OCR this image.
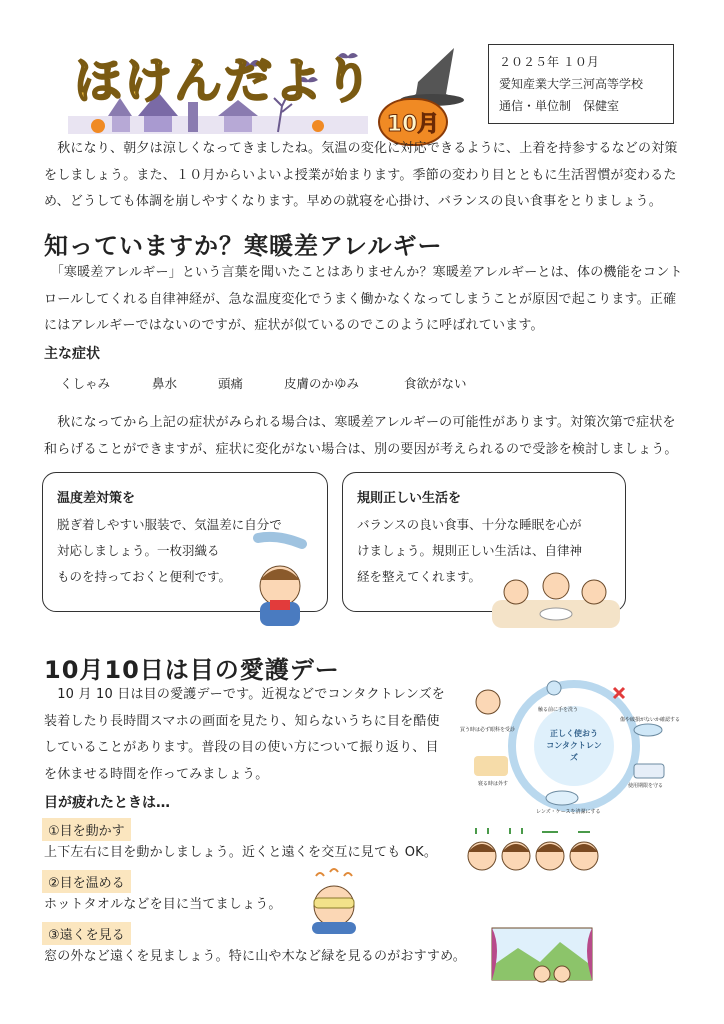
ほけんだより
10月
２０２５年 １０月
愛知産業大学三河高等学校
通信・単位制　保健室
　秋になり、朝夕は涼しくなってきましたね。気温の変化に対応できるように、上着を持参するなどの対策をしましょう。また、１０月からいよいよ授業が始まります。季節の変わり目とともに生活習慣が変わるため、どうしても体調を崩しやすくなります。早めの就寝を心掛け、バランスの良い食事をとりましょう。
知っていますか？寒暖差アレルギー
　「寒暖差アレルギー」という言葉を聞いたことはありませんか？寒暖差アレルギーとは、体の機能をコントロールしてくれる自律神経が、急な温度変化でうまく働かなくなってしまうことが原因で起こります。正確にはアレルギーではないのですが、症状が似ているのでこのように呼ばれています。
主な症状
くしゃみ	鼻水	頭痛	皮膚のかゆみ	食欲がない
　秋になってから上記の症状がみられる場合は、寒暖差アレルギーの可能性があります。対策次第で症状を和らげることができますが、症状に変化がない場合は、別の要因が考えられるので受診を検討しましょう。
温度差対策を
脱ぎ着しやすい服装で、気温差に自分で
対応しましょう。一枚羽織る
ものを持っておくと便利です。
規則正しい生活を
バランスの良い食事、十分な睡眠を心が
けましょう。規則正しい生活は、自律神
経を整えてくれます。
10月10日は目の愛護デー
　10 月 10 日は目の愛護デーです。近視などでコンタクトレンズを
装着したり長時間スマホの画面を見たり、知らないうちに目を酷使
していることがあります。普段の目の使い方について振り返り、目
を休ませる時間を作ってみましょう。
正しく使おう
コンタクトレンズ
買う時は必ず眼科を受診
触る前に手を洗う
傷や破損がないか確認する
寝る時は外す	使用期限を守る
レンズ・ケースを清潔にする
目が疲れたときは…
①目を動かす
上下左右に目を動かしましょう。近くと遠くを交互に見ても OK。
②目を温める
ホットタオルなどを目に当てましょう。
③遠くを見る
窓の外など遠くを見ましょう。特に山や木など緑を見るのがおすすめ。
